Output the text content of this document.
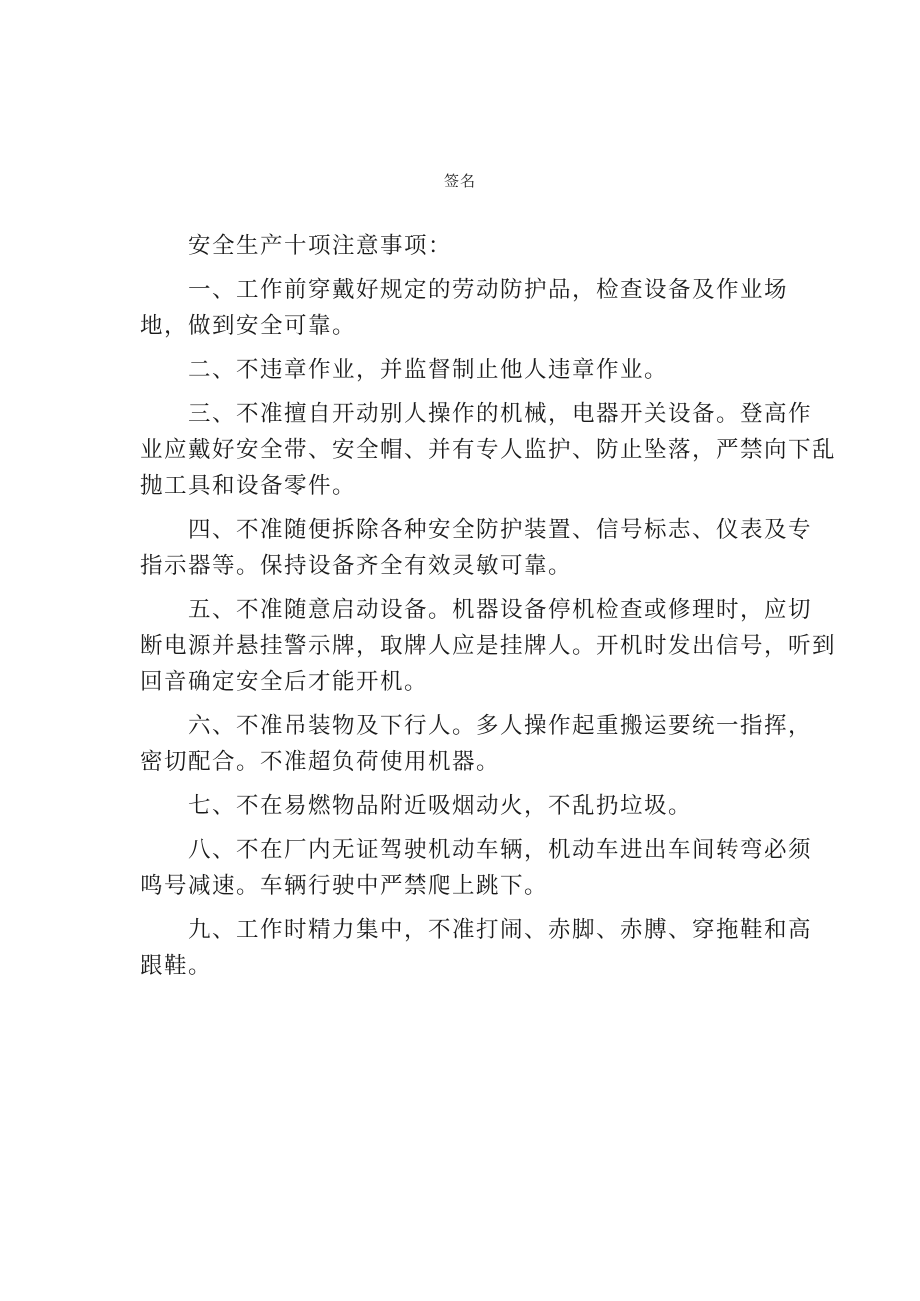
签名

安全生产十项注意事项：

一、工作前穿戴好规定的劳动防护品，检查设备及作业场
地，做到安全可靠。

二、不违章作业，并监督制止他人违章作业。

三、不准擅自开动别人操作的机械，电器开关设备。登高作
业应戴好安全带、安全帽、并有专人监护、防止坠落，严禁向下乱
抛工具和设备零件。

四、不准随便拆除各种安全防护装置、信号标志、仪表及专
指示器等。保持设备齐全有效灵敏可靠。

五、不准随意启动设备。机器设备停机检查或修理时，应切
断电源并悬挂警示牌，取牌人应是挂牌人。开机时发出信号，听到
回音确定安全后才能开机。

六、不准吊装物及下行人。多人操作起重搬运要统一指挥，
密切配合。不准超负荷使用机器。

七、不在易燃物品附近吸烟动火，不乱扔垃圾。

八、不在厂内无证驾驶机动车辆，机动车进出车间转弯必须
鸣号减速。车辆行驶中严禁爬上跳下。

九、工作时精力集中，不准打闹、赤脚、赤膊、穿拖鞋和高
跟鞋。
